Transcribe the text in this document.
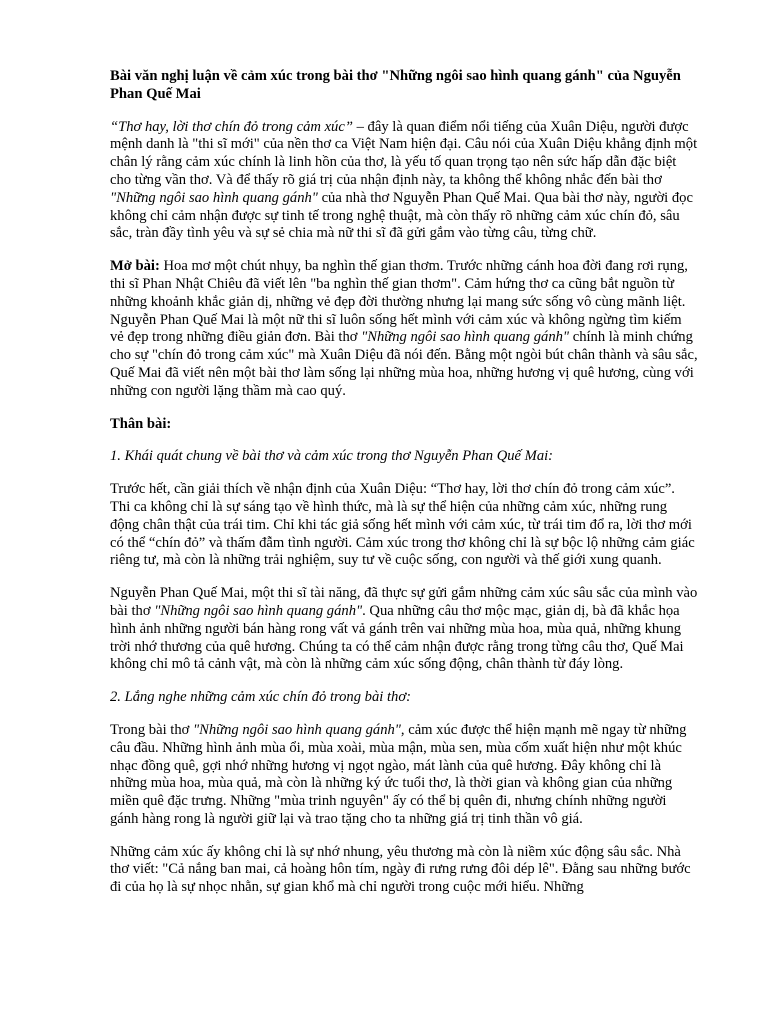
Bài văn nghị luận về cảm xúc trong bài thơ "Những ngôi sao hình quang gánh" của Nguyễn Phan Quế Mai

“Thơ hay, lời thơ chín đỏ trong cảm xúc” – đây là quan điểm nổi tiếng của Xuân Diệu, người được mệnh danh là "thi sĩ mới" của nền thơ ca Việt Nam hiện đại. Câu nói của Xuân Diệu khẳng định một chân lý rằng cảm xúc chính là linh hồn của thơ, là yếu tố quan trọng tạo nên sức hấp dẫn đặc biệt cho từng vần thơ. Và để thấy rõ giá trị của nhận định này, ta không thể không nhắc đến bài thơ "Những ngôi sao hình quang gánh" của nhà thơ Nguyễn Phan Quế Mai. Qua bài thơ này, người đọc không chỉ cảm nhận được sự tinh tế trong nghệ thuật, mà còn thấy rõ những cảm xúc chín đỏ, sâu sắc, tràn đầy tình yêu và sự sẻ chia mà nữ thi sĩ đã gửi gắm vào từng câu, từng chữ.

Mở bài: Hoa mơ một chút nhụy, ba nghìn thế gian thơm. Trước những cánh hoa đời đang rơi rụng, thi sĩ Phan Nhật Chiêu đã viết lên "ba nghìn thế gian thơm". Cảm hứng thơ ca cũng bắt nguồn từ những khoảnh khắc giản dị, những vẻ đẹp đời thường nhưng lại mang sức sống vô cùng mãnh liệt. Nguyễn Phan Quế Mai là một nữ thi sĩ luôn sống hết mình với cảm xúc và không ngừng tìm kiếm vẻ đẹp trong những điều giản đơn. Bài thơ "Những ngôi sao hình quang gánh" chính là minh chứng cho sự "chín đỏ trong cảm xúc" mà Xuân Diệu đã nói đến. Bằng một ngòi bút chân thành và sâu sắc, Quế Mai đã viết nên một bài thơ làm sống lại những mùa hoa, những hương vị quê hương, cùng với những con người lặng thầm mà cao quý.

Thân bài:
1. Khái quát chung về bài thơ và cảm xúc trong thơ Nguyễn Phan Quế Mai:

Trước hết, cần giải thích về nhận định của Xuân Diệu: “Thơ hay, lời thơ chín đỏ trong cảm xúc”. Thi ca không chỉ là sự sáng tạo về hình thức, mà là sự thể hiện của những cảm xúc, những rung động chân thật của trái tim. Chỉ khi tác giả sống hết mình với cảm xúc, từ trái tim đổ ra, lời thơ mới có thể “chín đỏ” và thấm đẫm tình người. Cảm xúc trong thơ không chỉ là sự bộc lộ những cảm giác riêng tư, mà còn là những trải nghiệm, suy tư về cuộc sống, con người và thế giới xung quanh.

Nguyễn Phan Quế Mai, một thi sĩ tài năng, đã thực sự gửi gắm những cảm xúc sâu sắc của mình vào bài thơ "Những ngôi sao hình quang gánh". Qua những câu thơ mộc mạc, giản dị, bà đã khắc họa hình ảnh những người bán hàng rong vất vả gánh trên vai những mùa hoa, mùa quả, những khung trời nhớ thương của quê hương. Chúng ta có thể cảm nhận được rằng trong từng câu thơ, Quế Mai không chỉ mô tả cảnh vật, mà còn là những cảm xúc sống động, chân thành từ đáy lòng.

2. Lắng nghe những cảm xúc chín đỏ trong bài thơ:

Trong bài thơ "Những ngôi sao hình quang gánh", cảm xúc được thể hiện mạnh mẽ ngay từ những câu đầu. Những hình ảnh mùa ổi, mùa xoài, mùa mận, mùa sen, mùa cốm xuất hiện như một khúc nhạc đồng quê, gợi nhớ những hương vị ngọt ngào, mát lành của quê hương. Đây không chỉ là những mùa hoa, mùa quả, mà còn là những ký ức tuổi thơ, là thời gian và không gian của những miền quê đặc trưng. Những "mùa trinh nguyên" ấy có thể bị quên đi, nhưng chính những người gánh hàng rong là người giữ lại và trao tặng cho ta những giá trị tinh thần vô giá.

Những cảm xúc ấy không chỉ là sự nhớ nhung, yêu thương mà còn là niềm xúc động sâu sắc. Nhà thơ viết: "Cả nắng ban mai, cả hoàng hôn tím, ngày đi rưng rưng đôi dép lê". Đằng sau những bước đi của họ là sự nhọc nhằn, sự gian khổ mà chỉ người trong cuộc mới hiểu. Những
